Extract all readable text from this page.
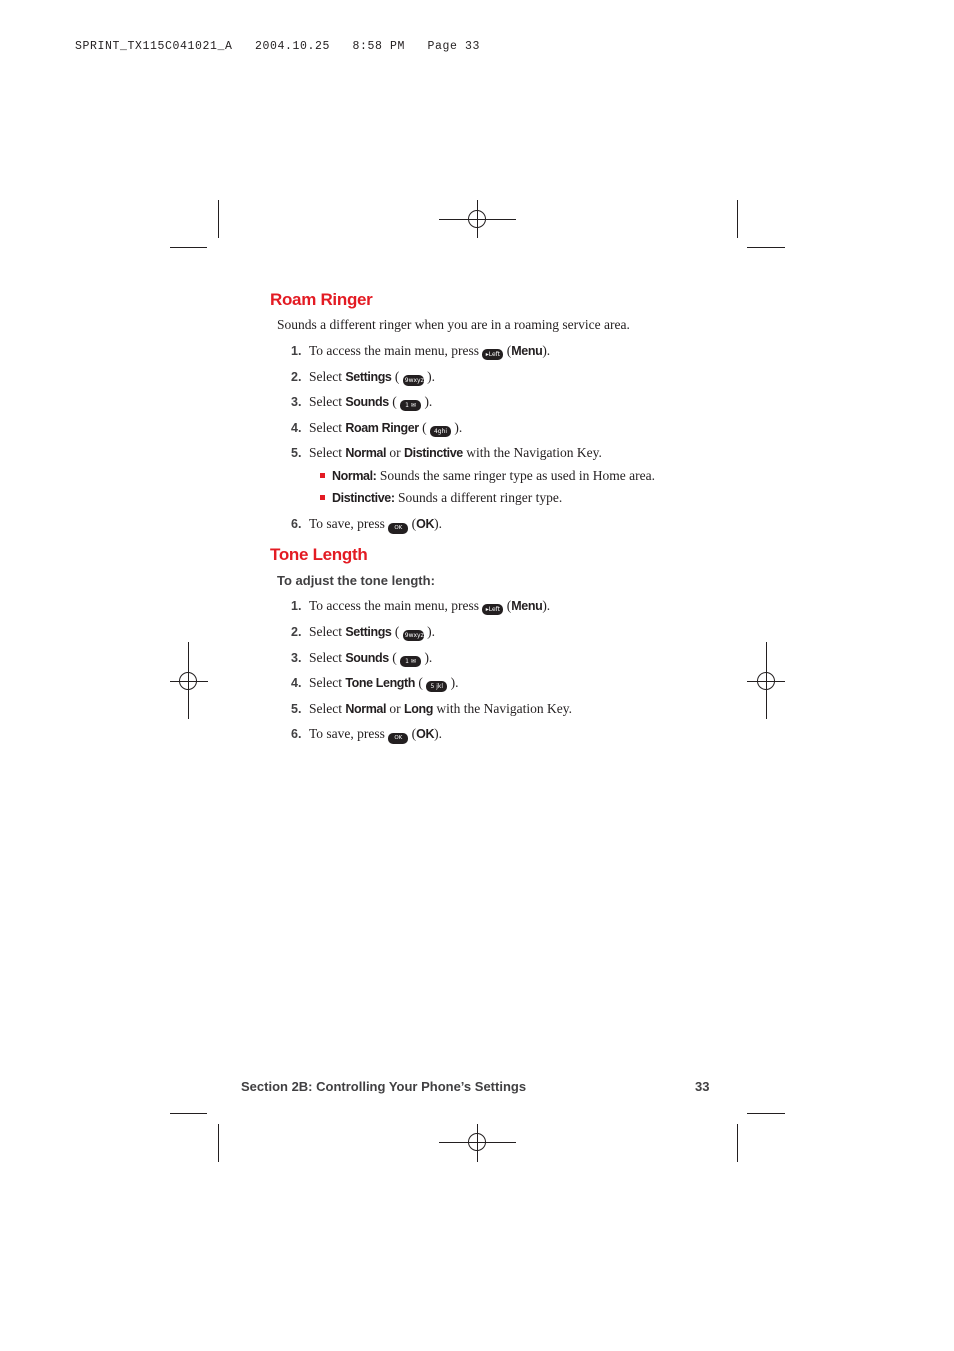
SPRINT_TX115C041021_A   2004.10.25   8:58 PM   Page 33
Roam Ringer
Sounds a different ringer when you are in a roaming service area.
1. To access the main menu, press ▸Left (Menu).
2. Select Settings ( 9wxyz ).
3. Select Sounds ( 1 ✉ ).
4. Select Roam Ringer ( 4ghi ).
5. Select Normal or Distinctive with the Navigation Key.
Normal: Sounds the same ringer type as used in Home area.
Distinctive: Sounds a different ringer type.
6. To save, press OK (OK).
Tone Length
To adjust the tone length:
1. To access the main menu, press ▸Left (Menu).
2. Select Settings ( 9wxyz ).
3. Select Sounds ( 1 ✉ ).
4. Select Tone Length ( 5 jkl ).
5. Select Normal or Long with the Navigation Key.
6. To save, press OK (OK).
Section 2B: Controlling Your Phone’s Settings	33
